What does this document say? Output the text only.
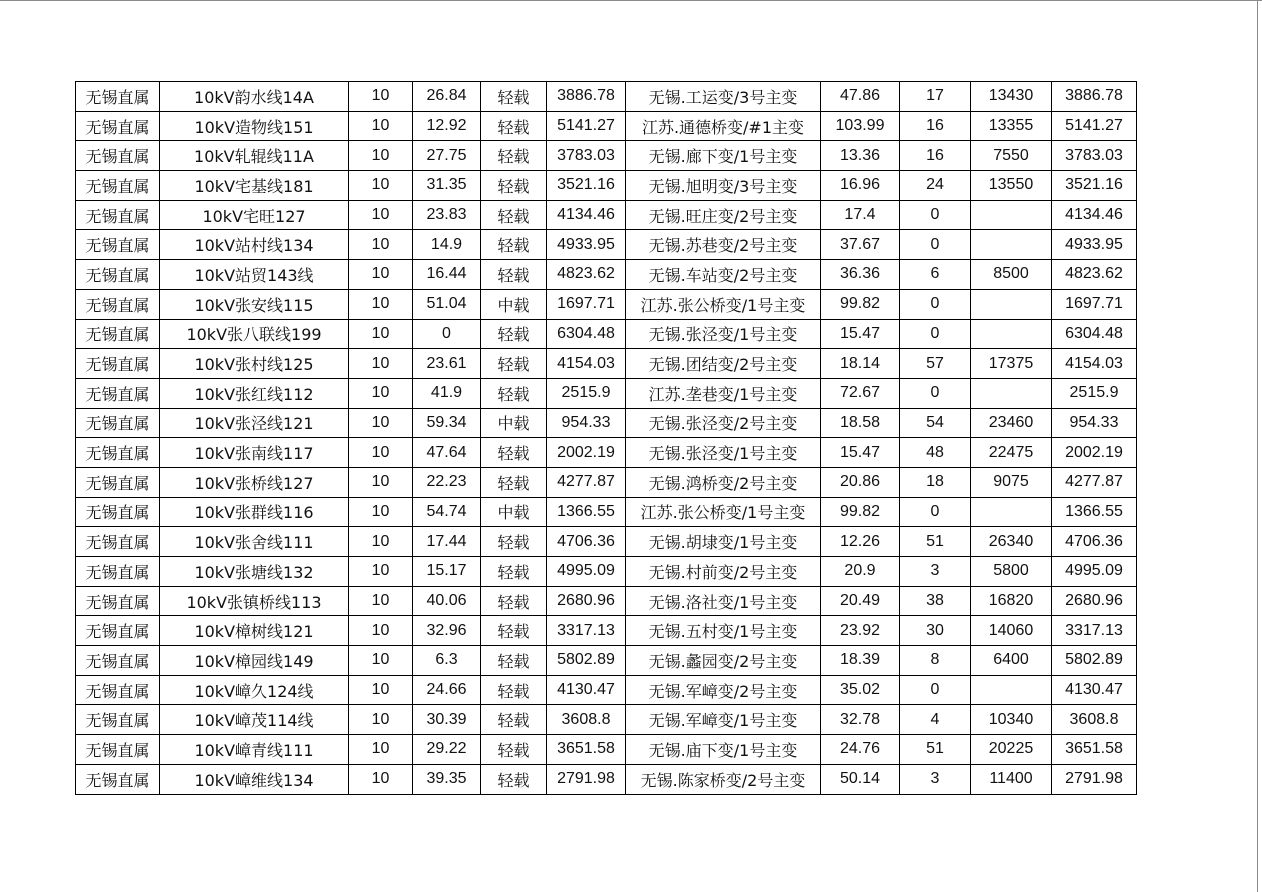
无锡直属	10kV韵水线14A	10	26.84	轻载	3886.78	无锡.工运变/3号主变	47.86	17	13430	3886.78
无锡直属	10kV造物线151	10	12.92	轻载	5141.27	江苏.通德桥变/#1主变	103.99	16	13355	5141.27
无锡直属	10kV轧辊线11A	10	27.75	轻载	3783.03	无锡.廊下变/1号主变	13.36	16	7550	3783.03
无锡直属	10kV宅基线181	10	31.35	轻载	3521.16	无锡.旭明变/3号主变	16.96	24	13550	3521.16
无锡直属	10kV宅旺127	10	23.83	轻载	4134.46	无锡.旺庄变/2号主变	17.4	0		4134.46
无锡直属	10kV站村线134	10	14.9	轻载	4933.95	无锡.苏巷变/2号主变	37.67	0		4933.95
无锡直属	10kV站贸143线	10	16.44	轻载	4823.62	无锡.车站变/2号主变	36.36	6	8500	4823.62
无锡直属	10kV张安线115	10	51.04	中载	1697.71	江苏.张公桥变/1号主变	99.82	0		1697.71
无锡直属	10kV张八联线199	10	0	轻载	6304.48	无锡.张泾变/1号主变	15.47	0		6304.48
无锡直属	10kV张村线125	10	23.61	轻载	4154.03	无锡.团结变/2号主变	18.14	57	17375	4154.03
无锡直属	10kV张红线112	10	41.9	轻载	2515.9	江苏.垄巷变/1号主变	72.67	0		2515.9
无锡直属	10kV张泾线121	10	59.34	中载	954.33	无锡.张泾变/2号主变	18.58	54	23460	954.33
无锡直属	10kV张南线117	10	47.64	轻载	2002.19	无锡.张泾变/1号主变	15.47	48	22475	2002.19
无锡直属	10kV张桥线127	10	22.23	轻载	4277.87	无锡.鸿桥变/2号主变	20.86	18	9075	4277.87
无锡直属	10kV张群线116	10	54.74	中载	1366.55	江苏.张公桥变/1号主变	99.82	0		1366.55
无锡直属	10kV张舍线111	10	17.44	轻载	4706.36	无锡.胡埭变/1号主变	12.26	51	26340	4706.36
无锡直属	10kV张塘线132	10	15.17	轻载	4995.09	无锡.村前变/2号主变	20.9	3	5800	4995.09
无锡直属	10kV张镇桥线113	10	40.06	轻载	2680.96	无锡.洛社变/1号主变	20.49	38	16820	2680.96
无锡直属	10kV樟树线121	10	32.96	轻载	3317.13	无锡.五村变/1号主变	23.92	30	14060	3317.13
无锡直属	10kV樟园线149	10	6.3	轻载	5802.89	无锡.蠡园变/2号主变	18.39	8	6400	5802.89
无锡直属	10kV嶂久124线	10	24.66	轻载	4130.47	无锡.军嶂变/2号主变	35.02	0		4130.47
无锡直属	10kV嶂茂114线	10	30.39	轻载	3608.8	无锡.军嶂变/1号主变	32.78	4	10340	3608.8
无锡直属	10kV嶂青线111	10	29.22	轻载	3651.58	无锡.庙下变/1号主变	24.76	51	20225	3651.58
无锡直属	10kV嶂维线134	10	39.35	轻载	2791.98	无锡.陈家桥变/2号主变	50.14	3	11400	2791.98
